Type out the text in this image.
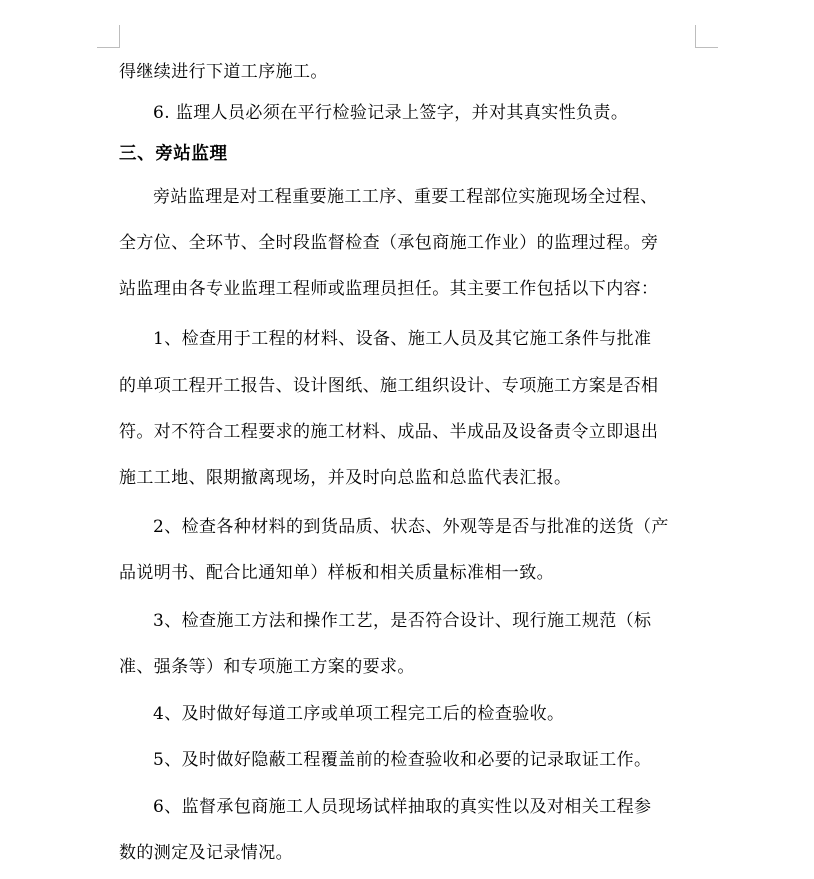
得继续进行下道工序施工。
6. 监理人员必须在平行检验记录上签字，并对其真实性负责。
三、旁站监理
旁站监理是对工程重要施工工序、重要工程部位实施现场全过程、
全方位、全环节、全时段监督检查（承包商施工作业）的监理过程。旁
站监理由各专业监理工程师或监理员担任。其主要工作包括以下内容：
1、检查用于工程的材料、设备、施工人员及其它施工条件与批准
的单项工程开工报告、设计图纸、施工组织设计、专项施工方案是否相
符。对不符合工程要求的施工材料、成品、半成品及设备责令立即退出
施工工地、限期撤离现场，并及时向总监和总监代表汇报。
2、检查各种材料的到货品质、状态、外观等是否与批准的送货（产
品说明书、配合比通知单）样板和相关质量标准相一致。
3、检查施工方法和操作工艺，是否符合设计、现行施工规范（标
准、强条等）和专项施工方案的要求。
4、及时做好每道工序或单项工程完工后的检查验收。
5、及时做好隐蔽工程覆盖前的检查验收和必要的记录取证工作。
6、监督承包商施工人员现场试样抽取的真实性以及对相关工程参
数的测定及记录情况。
